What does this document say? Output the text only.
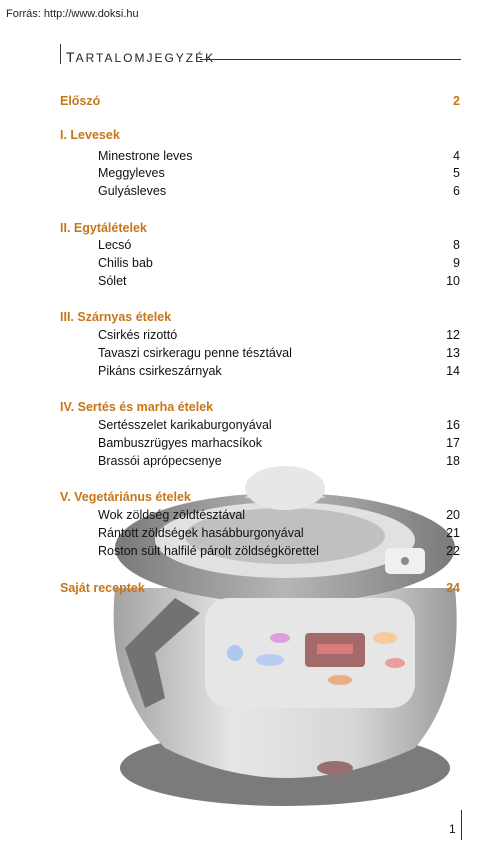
Forrás: http://www.doksi.hu
TARTALOMJEGYZÉK
Előszó	2
I. Levesek
Minestrone leves	4
Meggyleves	5
Gulyásleves	6
II. Egytálételek
Lecsó	8
Chilis bab	9
Sólet	10
III. Szárnyas ételek
Csirkés rizottó	12
Tavaszi csirkeragu penne tésztával	13
Pikáns csirkeszárnyak	14
IV. Sertés és marha ételek
Sertésszelet karikaburgonyával	16
Bambuszrügyes marhacsíkok	17
Brassói aprópecsenye	18
V. Vegetáriánus ételek
Wok zöldség zöldtésztával	20
Rántott zöldségek hasábburgonyával	21
Roston sült halfilé párolt zöldségkörettel	22
Saját receptek	24
1
